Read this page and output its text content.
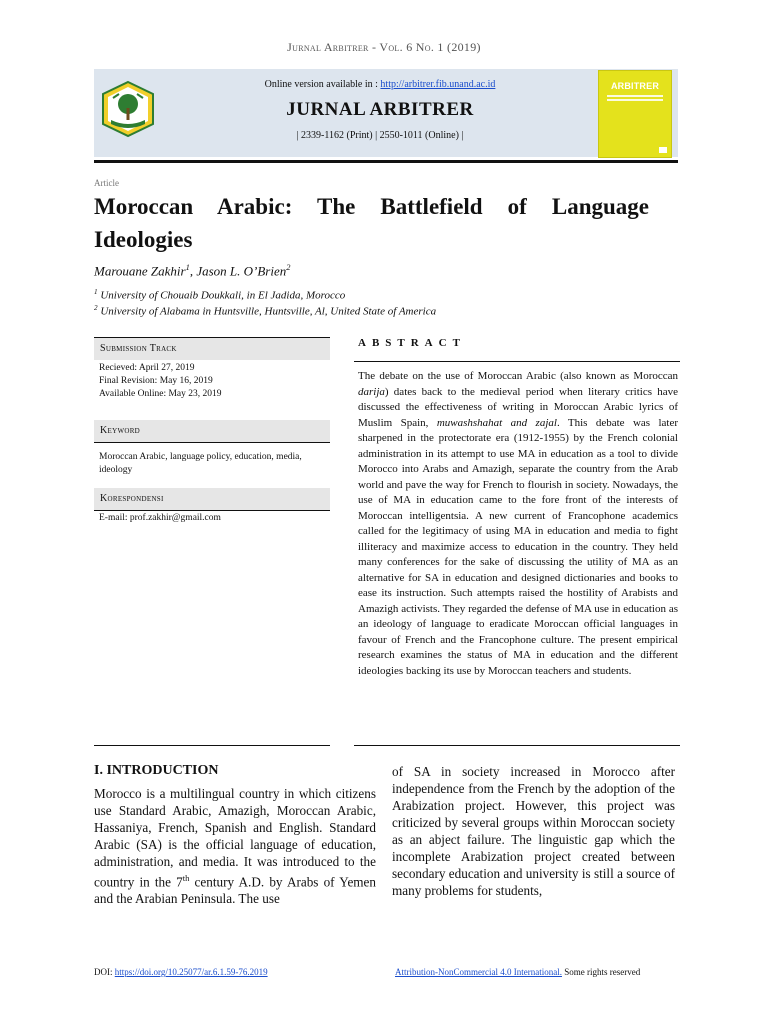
Jurnal Arbitrer - Vol. 6 No. 1 (2019)
Online version available in : http://arbitrer.fib.unand.ac.id
JURNAL ARBITRER
| 2339-1162 (Print) | 2550-1011 (Online) |
ARBITRER
Article
Moroccan Arabic: The Battlefield of Language Ideologies
Marouane Zakhir$^1$, Jason L. O’Brien$^2$
$^1$ University of Chouaib Doukkali, in El Jadida, Morocco
$^2$ University of Alabama in Huntsville, Huntsville, Al, United State of America
Submission Track
Recieved: April 27, 2019
Final Revision: May 16, 2019
Available Online: May 23, 2019
Keyword
Moroccan Arabic, language policy, education, media, ideology
Korespondensi
E-mail: prof.zakhir@gmail.com
ABSTRACT
The debate on the use of Moroccan Arabic (also known as Moroccan darija) dates back to the medieval period when literary critics have discussed the effectiveness of writing in Moroccan Arabic lyrics of Muslim Spain, muwashshahat and zajal. This debate was later sharpened in the protectorate era (1912-1955) by the French colonial administration in its attempt to use MA in education as a tool to divide Morocco into Arabs and Amazigh, separate the country from the Arab world and pave the way for French to flourish in society. Nowadays, the use of MA in education came to the fore front of the interests of Moroccan intelligentsia. A new current of Francophone academics called for the legitimacy of using MA in education and media to fight illiteracy and maximize access to education in the country. They held many conferences for the sake of discussing the utility of MA as an alternative for SA in education and designed dictionaries and books to ease its instruction. Such attempts raised the hostility of Arabists and Amazigh activists. They regarded the defense of MA use in education as an ideology of language to eradicate Moroccan official languages in favour of French and the Francophone culture. The present empirical research examines the status of MA in education and the different ideologies backing its use by Moroccan teachers and students.
I. INTRODUCTION
Morocco is a multilingual country in which citizens use Standard Arabic, Amazigh, Moroccan Arabic, Hassaniya, French, Spanish and English. Standard Arabic (SA) is the official language of education, administration, and media. It was introduced to the country in the 7th century A.D. by Arabs of Yemen and the Arabian Peninsula. The use
of SA in society increased in Morocco after independence from the French by the adoption of the Arabization project. However, this project was criticized by several groups within Moroccan society as an abject failure. The linguistic gap which the incomplete Arabization project created between secondary education and university is still a source of many problems for students,
DOI: https://doi.org/10.25077/ar.6.1.59-76.2019	Attribution-NonCommercial 4.0 International. Some rights reserved
